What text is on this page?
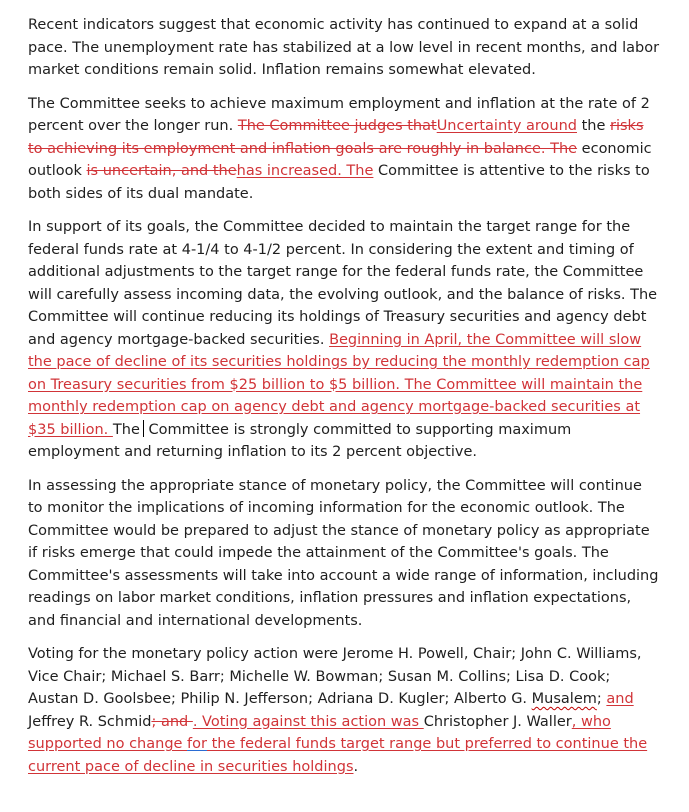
Recent indicators suggest that economic activity has continued to expand at a solid pace. The unemployment rate has stabilized at a low level in recent months, and labor market conditions remain solid. Inflation remains somewhat elevated.

The Committee seeks to achieve maximum employment and inflation at the rate of 2 percent over the longer run. The Committee judges thatUncertainty around the risks to achieving its employment and inflation goals are roughly in balance. The economic outlook is uncertain, and thehas increased. The Committee is attentive to the risks to both sides of its dual mandate.

In support of its goals, the Committee decided to maintain the target range for the federal funds rate at 4-1/4 to 4-1/2 percent. In considering the extent and timing of additional adjustments to the target range for the federal funds rate, the Committee will carefully assess incoming data, the evolving outlook, and the balance of risks. The Committee will continue reducing its holdings of Treasury securities and agency debt and agency mortgage-backed securities. Beginning in April, the Committee will slow the pace of decline of its securities holdings by reducing the monthly redemption cap on Treasury securities from $25 billion to $5 billion. The Committee will maintain the monthly redemption cap on agency debt and agency mortgage-backed securities at $35 billion. The Committee is strongly committed to supporting maximum employment and returning inflation to its 2 percent objective.

In assessing the appropriate stance of monetary policy, the Committee will continue to monitor the implications of incoming information for the economic outlook. The Committee would be prepared to adjust the stance of monetary policy as appropriate if risks emerge that could impede the attainment of the Committee's goals. The Committee's assessments will take into account a wide range of information, including readings on labor market conditions, inflation pressures and inflation expectations, and financial and international developments.

Voting for the monetary policy action were Jerome H. Powell, Chair; John C. Williams, Vice Chair; Michael S. Barr; Michelle W. Bowman; Susan M. Collins; Lisa D. Cook; Austan D. Goolsbee; Philip N. Jefferson; Adriana D. Kugler; Alberto G. Musalem; and Jeffrey R. Schmid; and . Voting against this action was Christopher J. Waller, who supported no change for the federal funds target range but preferred to continue the current pace of decline in securities holdings.
